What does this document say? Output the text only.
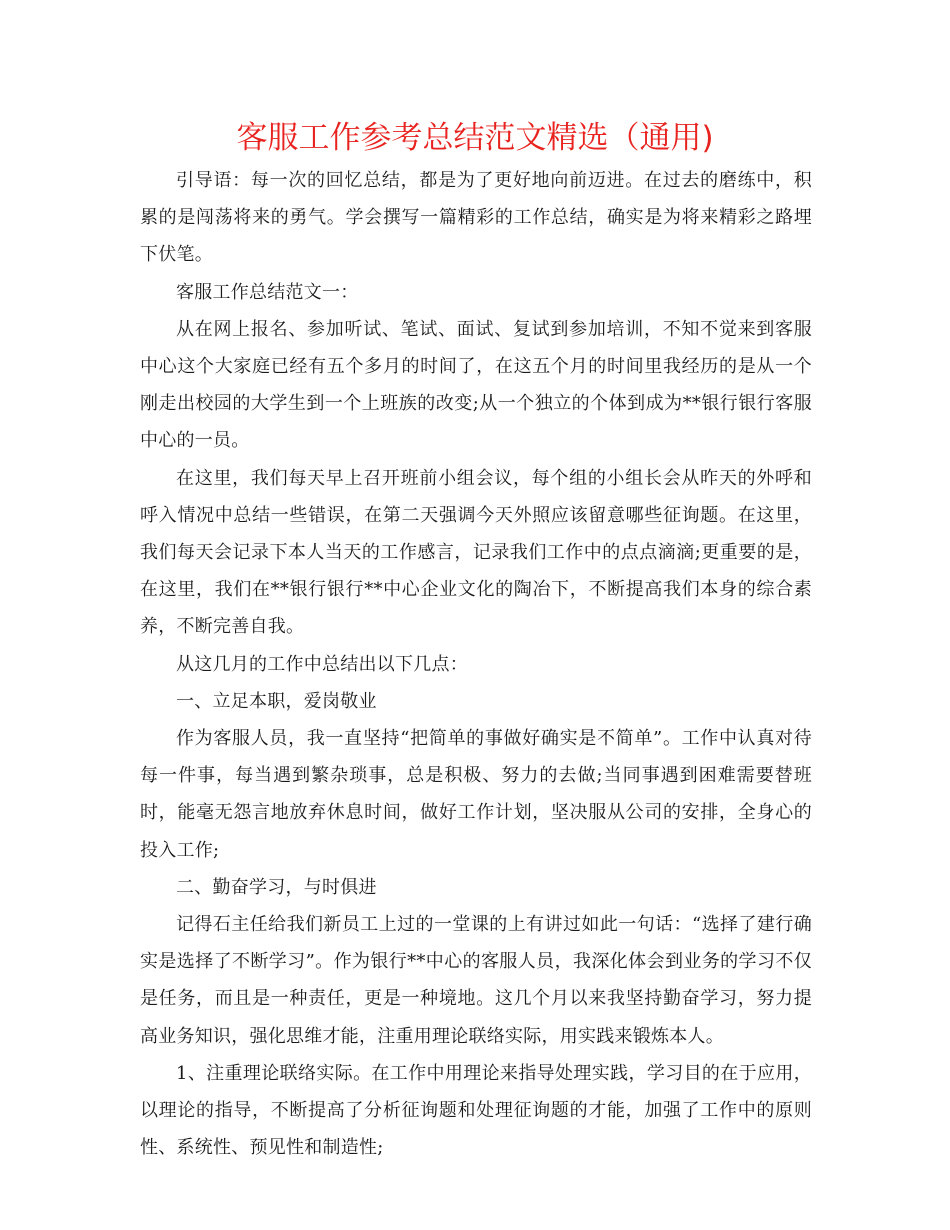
客服工作参考总结范文精选（通用)

引导语：每一次的回忆总结，都是为了更好地向前迈进。在过去的磨练中，积累的是闯荡将来的勇气。学会撰写一篇精彩的工作总结，确实是为将来精彩之路埋下伏笔。

客服工作总结范文一：

从在网上报名、参加听试、笔试、面试、复试到参加培训，不知不觉来到客服中心这个大家庭已经有五个多月的时间了，在这五个月的时间里我经历的是从一个刚走出校园的大学生到一个上班族的改变;从一个独立的个体到成为**银行银行客服中心的一员。

在这里，我们每天早上召开班前小组会议，每个组的小组长会从昨天的外呼和呼入情况中总结一些错误，在第二天强调今天外照应该留意哪些征询题。在这里，我们每天会记录下本人当天的工作感言，记录我们工作中的点点滴滴;更重要的是，在这里，我们在**银行银行**中心企业文化的陶冶下，不断提高我们本身的综合素养，不断完善自我。

从这几月的工作中总结出以下几点：

一、立足本职，爱岗敬业

作为客服人员，我一直坚持“把简单的事做好确实是不简单”。工作中认真对待每一件事，每当遇到繁杂琐事，总是积极、努力的去做;当同事遇到困难需要替班时，能毫无怨言地放弃休息时间，做好工作计划，坚决服从公司的安排，全身心的投入工作;

二、勤奋学习，与时俱进

记得石主任给我们新员工上过的一堂课的上有讲过如此一句话：“选择了建行确实是选择了不断学习”。作为银行**中心的客服人员，我深化体会到业务的学习不仅是任务，而且是一种责任，更是一种境地。这几个月以来我坚持勤奋学习，努力提高业务知识，强化思维才能，注重用理论联络实际，用实践来锻炼本人。

1、注重理论联络实际。在工作中用理论来指导处理实践，学习目的在于应用，以理论的指导，不断提高了分析征询题和处理征询题的才能，加强了工作中的原则性、系统性、预见性和制造性;
